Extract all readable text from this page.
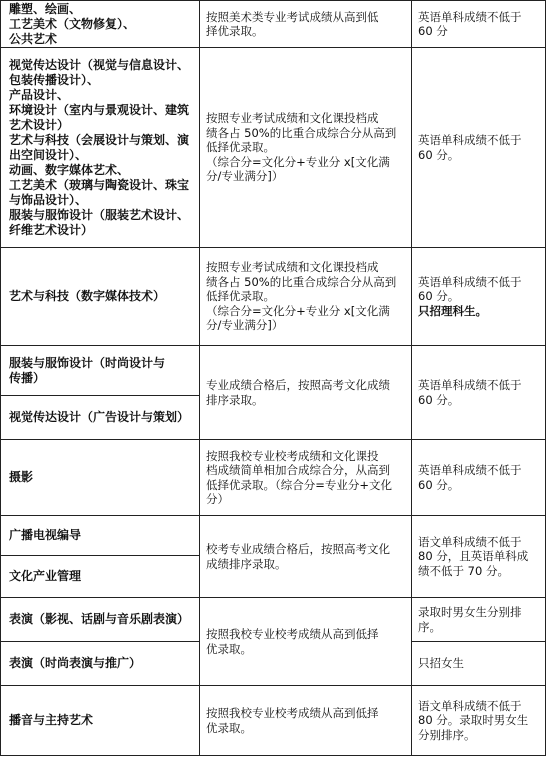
雕塑、绘画、
工艺美术（文物修复）、
公共艺术
按照美术类专业考试成绩从高到低
择优录取。
英语单科成绩不低于
60 分
视觉传达设计（视觉与信息设计、
包装传播设计）、
产品设计、
环境设计（室内与景观设计、建筑
艺术设计）
艺术与科技（会展设计与策划、演
出空间设计）、
动画、数字媒体艺术、
工艺美术（玻璃与陶瓷设计、珠宝
与饰品设计）、
服装与服饰设计（服装艺术设计、
纤维艺术设计）
按照专业考试成绩和文化课投档成
绩各占 50%的比重合成综合分从高到
低择优录取。
（综合分=文化分+专业分 x[文化满
分/专业满分]）
英语单科成绩不低于
60 分。
艺术与科技（数字媒体技术）
按照专业考试成绩和文化课投档成
绩各占 50%的比重合成综合分从高到
低择优录取。
（综合分=文化分+专业分 x[文化满
分/专业满分]）
英语单科成绩不低于
60 分。
只招理科生。
服装与服饰设计（时尚设计与
传播）
视觉传达设计（广告设计与策划）
专业成绩合格后，按照高考文化成绩
排序录取。
英语单科成绩不低于
60 分。
摄影
按照我校专业校考成绩和文化课投
档成绩简单相加合成综合分，从高到
低择优录取。（综合分=专业分+文化
分）
英语单科成绩不低于
60 分。
广播电视编导
文化产业管理
校考专业成绩合格后，按照高考文化
成绩排序录取。
语文单科成绩不低于
80 分，且英语单科成
绩不低于 70 分。
表演（影视、话剧与音乐剧表演）
表演（时尚表演与推广）
按照我校专业校考成绩从高到低择
优录取。
录取时男女生分别排
序。
只招女生
播音与主持艺术	按照我校专业校考成绩从高到低择
优录取。
语文单科成绩不低于
80 分。录取时男女生
分别排序。
